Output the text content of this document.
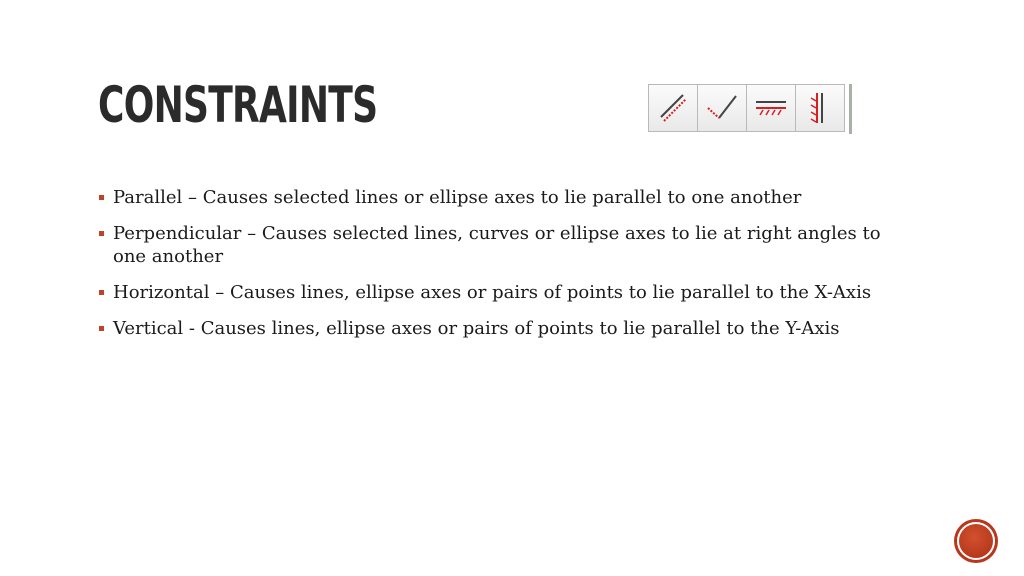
CONSTRAINTS
Parallel – Causes selected lines or ellipse axes to lie parallel to one another
Perpendicular – Causes selected lines, curves or ellipse axes to lie at right angles to one another
Horizontal – Causes lines, ellipse axes or pairs of points to lie parallel to the X-Axis
Vertical - Causes lines, ellipse axes or pairs of points to lie parallel to the Y-Axis
